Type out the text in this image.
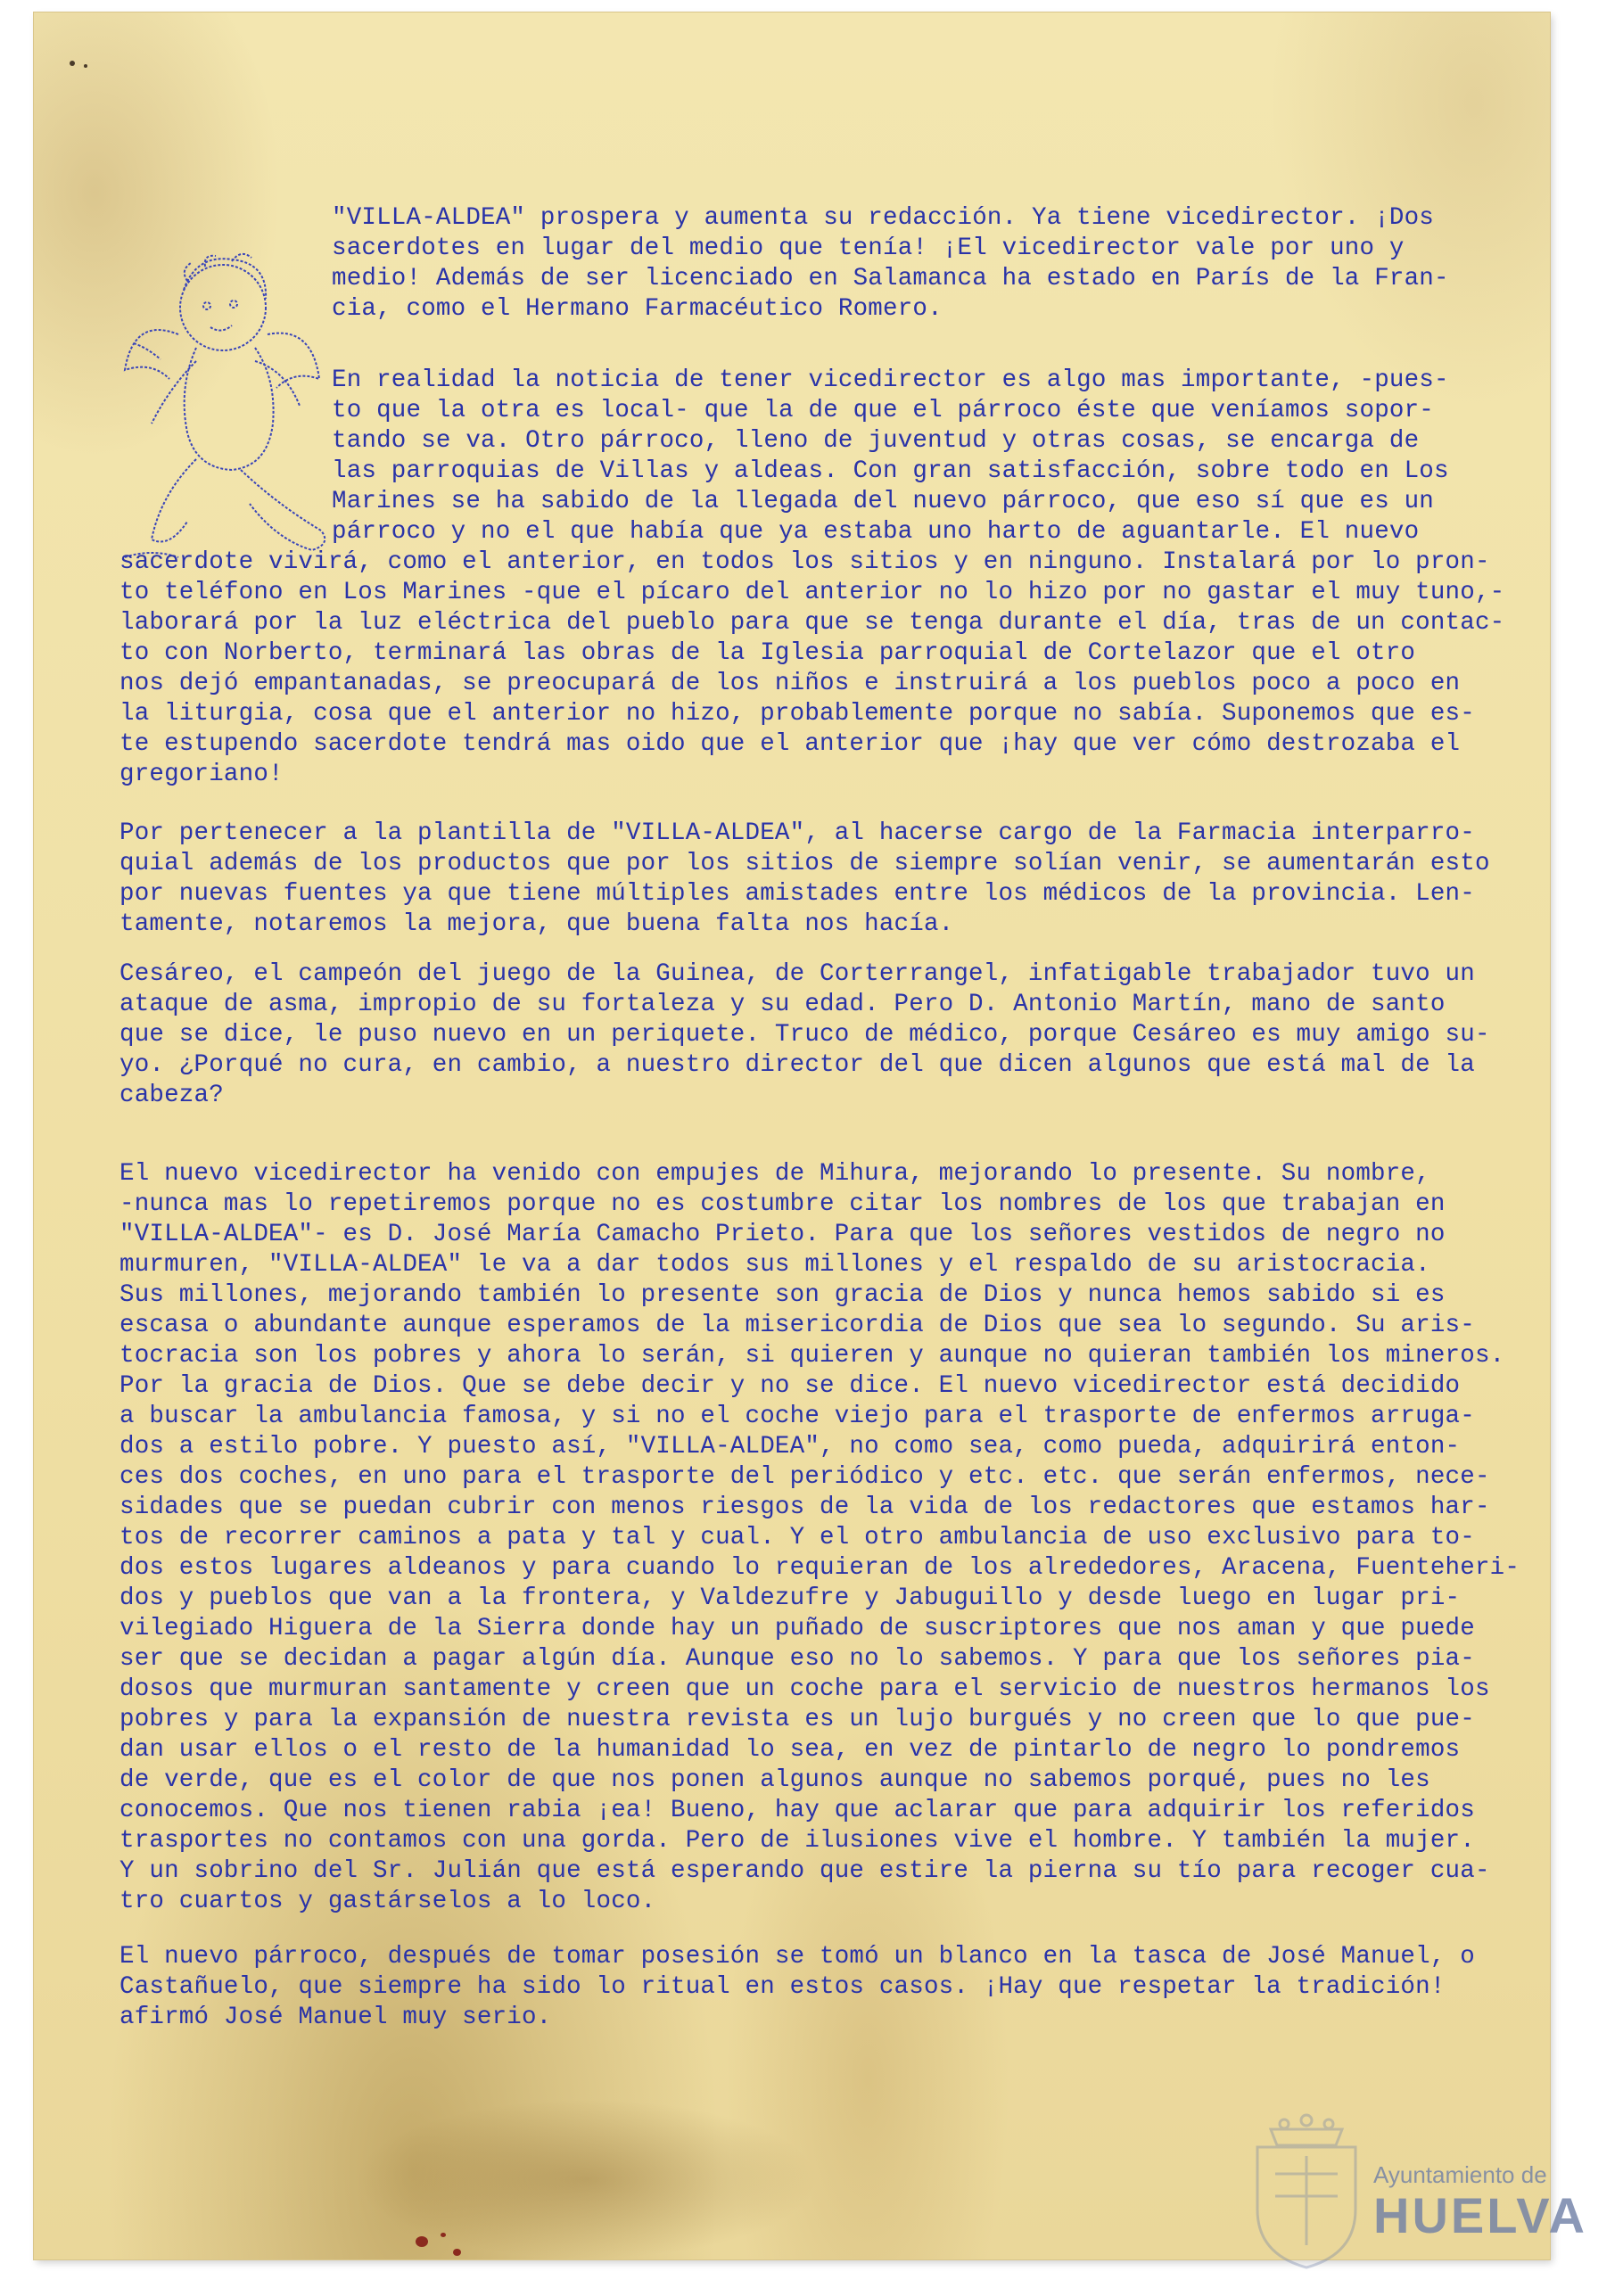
"VILLA-ALDEA" prospera y aumenta su redacción. Ya tiene vicedirector. ¡Dos
sacerdotes en lugar del medio que tenía! ¡El vicedirector vale por uno y
medio! Además de ser licenciado en Salamanca ha estado en París de la Fran-
cia, como el Hermano Farmacéutico Romero.
En realidad la noticia de tener vicedirector es algo mas importante, -pues-
to que la otra es local- que la de que el párroco éste que veníamos sopor-
tando se va. Otro párroco, lleno de juventud y otras cosas, se encarga de
las parroquias de Villas y aldeas. Con gran satisfacción, sobre todo en Los
Marines se ha sabido de la llegada del nuevo párroco, que eso sí que es un
párroco y no el que había que ya estaba uno harto de aguantarle. El nuevo
sacerdote vivirá, como el anterior, en todos los sitios y en ninguno. Instalará por lo pron-
to teléfono en Los Marines -que el pícaro del anterior no lo hizo por no gastar el muy tuno,-
laborará por la luz eléctrica del pueblo para que se tenga durante el día, tras de un contac-
to con Norberto, terminará las obras de la Iglesia parroquial de Cortelazor que el otro
nos dejó empantanadas, se preocupará de los niños e instruirá a los pueblos poco a poco en
la liturgia, cosa que el anterior no hizo, probablemente porque no sabía. Suponemos que es-
te estupendo sacerdote tendrá mas oido que el anterior que ¡hay que ver cómo destrozaba el
gregoriano!
Por pertenecer a la plantilla de "VILLA-ALDEA", al hacerse cargo de la Farmacia interparro-
quial además de los productos que por los sitios de siempre solían venir, se aumentarán esto
por nuevas fuentes ya que tiene múltiples amistades entre los médicos de la provincia. Len-
tamente, notaremos la mejora, que buena falta nos hacía.
Cesáreo, el campeón del juego de la Guinea, de Corterrangel, infatigable trabajador tuvo un
ataque de asma, impropio de su fortaleza y su edad. Pero D. Antonio Martín, mano de santo
que se dice, le puso nuevo en un periquete. Truco de médico, porque Cesáreo es muy amigo su-
yo. ¿Porqué no cura, en cambio, a nuestro director del que dicen algunos que está mal de la
cabeza?
El nuevo vicedirector ha venido con empujes de Mihura, mejorando lo presente. Su nombre,
-nunca mas lo repetiremos porque no es costumbre citar los nombres de los que trabajan en
"VILLA-ALDEA"- es D. José María Camacho Prieto. Para que los señores vestidos de negro no
murmuren, "VILLA-ALDEA" le va a dar todos sus millones y el respaldo de su aristocracia.
Sus millones, mejorando también lo presente son gracia de Dios y nunca hemos sabido si es
escasa o abundante aunque esperamos de la misericordia de Dios que sea lo segundo. Su aris-
tocracia son los pobres y ahora lo serán, si quieren y aunque no quieran también los mineros.
Por la gracia de Dios. Que se debe decir y no se dice. El nuevo vicedirector está decidido
a buscar la ambulancia famosa, y si no el coche viejo para el trasporte de enfermos arruga-
dos a estilo pobre. Y puesto así, "VILLA-ALDEA", no como sea, como pueda, adquirirá enton-
ces dos coches, en uno para el trasporte del periódico y etc. etc. que serán enfermos, nece-
sidades que se puedan cubrir con menos riesgos de la vida de los redactores que estamos har-
tos de recorrer caminos a pata y tal y cual. Y el otro ambulancia de uso exclusivo para to-
dos estos lugares aldeanos y para cuando lo requieran de los alrededores, Aracena, Fuenteheri-
dos y pueblos que van a la frontera, y Valdezufre y Jabuguillo y desde luego en lugar pri-
vilegiado Higuera de la Sierra donde hay un puñado de suscriptores que nos aman y que puede
ser que se decidan a pagar algún día. Aunque eso no lo sabemos. Y para que los señores pia-
dosos que murmuran santamente y creen que un coche para el servicio de nuestros hermanos los
pobres y para la expansión de nuestra revista es un lujo burgués y no creen que lo que pue-
dan usar ellos o el resto de la humanidad lo sea, en vez de pintarlo de negro lo pondremos
de verde, que es el color de que nos ponen algunos aunque no sabemos porqué, pues no les
conocemos. Que nos tienen rabia ¡ea! Bueno, hay que aclarar que para adquirir los referidos
trasportes no contamos con una gorda. Pero de ilusiones vive el hombre. Y también la mujer.
Y un sobrino del Sr. Julián que está esperando que estire la pierna su tío para recoger cua-
tro cuartos y gastárselos a lo loco.
El nuevo párroco, después de tomar posesión se tomó un blanco en la tasca de José Manuel, o
Castañuelo, que siempre ha sido lo ritual en estos casos. ¡Hay que respetar la tradición!
afirmó José Manuel muy serio.
Ayuntamiento de
HUELVA
